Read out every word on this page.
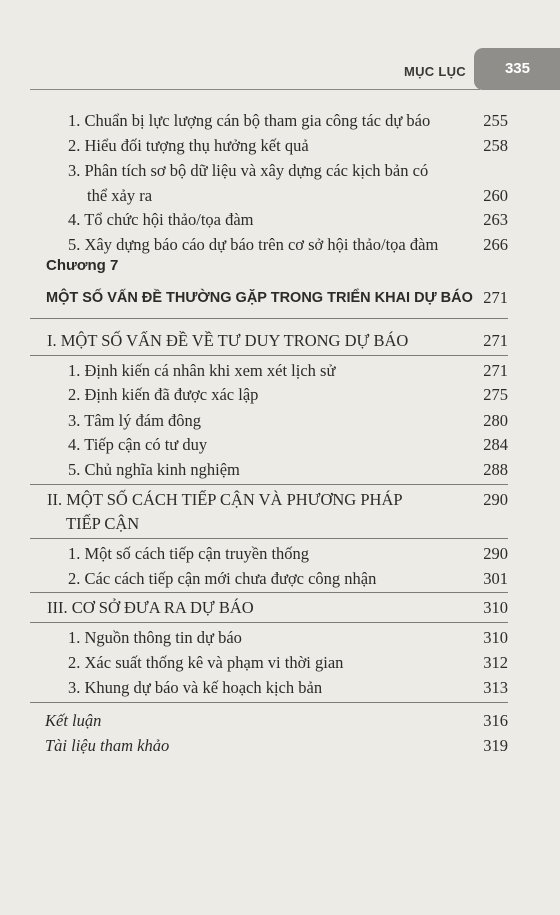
MỤC LỤC	335
1. Chuẩn bị lực lượng cán bộ tham gia công tác dự báo	255
2. Hiểu đối tượng thụ hưởng kết quả	258
3. Phân tích sơ bộ dữ liệu và xây dựng các kịch bản có
thể xảy ra	260
4. Tổ chức hội thảo/tọa đàm	263
5. Xây dựng báo cáo dự báo trên cơ sở hội thảo/tọa đàm	266
Chương 7
MỘT SỐ VẤN ĐỀ THƯỜNG GẶP TRONG TRIỂN KHAI DỰ BÁO 271
I. MỘT SỐ VẤN ĐỀ VỀ TƯ DUY TRONG DỰ BÁO	271
1. Định kiến cá nhân khi xem xét lịch sử	271
2. Định kiến đã được xác lập	275
3. Tâm lý đám đông	280
4. Tiếp cận có tư duy	284
5. Chủ nghĩa kinh nghiệm	288
II. MỘT SỐ CÁCH TIẾP CẬN VÀ PHƯƠNG PHÁP	290
TIẾP CẬN
1. Một số cách tiếp cận truyền thống	290
2. Các cách tiếp cận mới chưa được công nhận	301
III. CƠ SỞ ĐƯA RA DỰ BÁO	310
1. Nguồn thông tin dự báo	310
2. Xác suất thống kê và phạm vi thời gian	312
3. Khung dự báo và kế hoạch kịch bản	313
Kết luận	316
Tài liệu tham khảo	319
